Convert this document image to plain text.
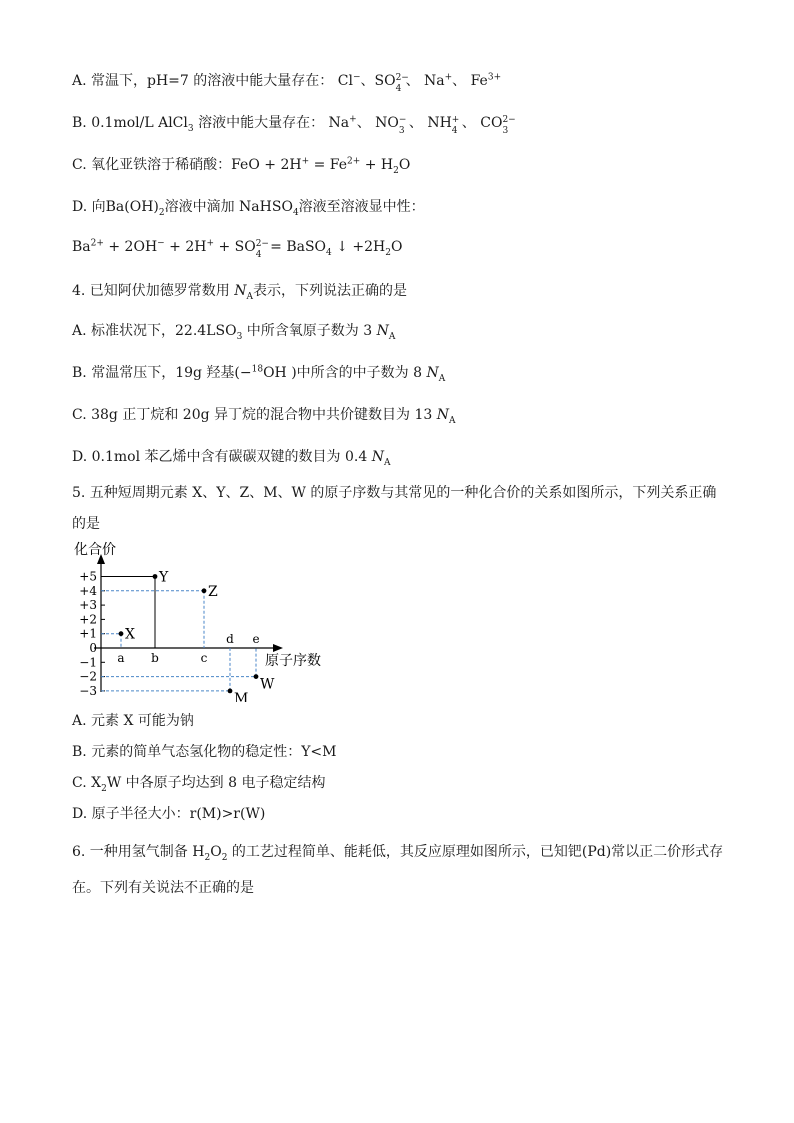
A. 常温下，pH=7 的溶液中能大量存在： Cl−、SO 2−
4 、 Na+、 $Fe^{3+}$
B. 0.1mol/L AlCl$_3$ 溶液中能大量存在： Na+、 NO −
3 、 NH +
4 、 CO 2−
3
C. 氧化亚铁溶于稀硝酸：FeO + $2H^+ = Fe^{2+} + H_2O$
D. 向$Ba(OH)_2$溶液中滴加 NaHSO$_4$溶液至溶液显中性：
$Ba^{2+} + 2OH^- + 2H^+$ + SO 2−
4 = BaSO$_4$ ↓ $+2H_2O$
4. 已知阿伏加德罗常数用 $N_A$表示，下列说法正确的是
A. 标准状况下，$22.4LSO_3$ 中所含氧原子数为 3 $N_A$
B. 常温常压下，19g 羟基(−$^{18}$OH )中所含的中子数为 8 $N_A$
C. 38g 正丁烷和 20g 异丁烷的混合物中共价键数目为 13 $N_A$
D. 0.1mol 苯乙烯中含有碳碳双键的数目为 0.4 $N_A$
5. 五种短周期元素 X、Y、Z、M、W 的原子序数与其常见的一种化合价的关系如图所示，下列关系正确
的是
化合价
原子序数
+5
+4
+3
+2
+1
0
−1
−2
−3
a b	c
d e
X
Y
Z
M
W
A. 元素 X 可能为钠
B. 元素的简单气态氢化物的稳定性：Y<M
C. $X_2W$ 中各原子均达到 8 电子稳定结构
D. 原子半径大小：r(M)>r(W)
6. 一种用氢气制备 $H_2O_2$ 的工艺过程简单、能耗低，其反应原理如图所示，已知钯(Pd)常以正二价形式存
在。下列有关说法不正确的是
